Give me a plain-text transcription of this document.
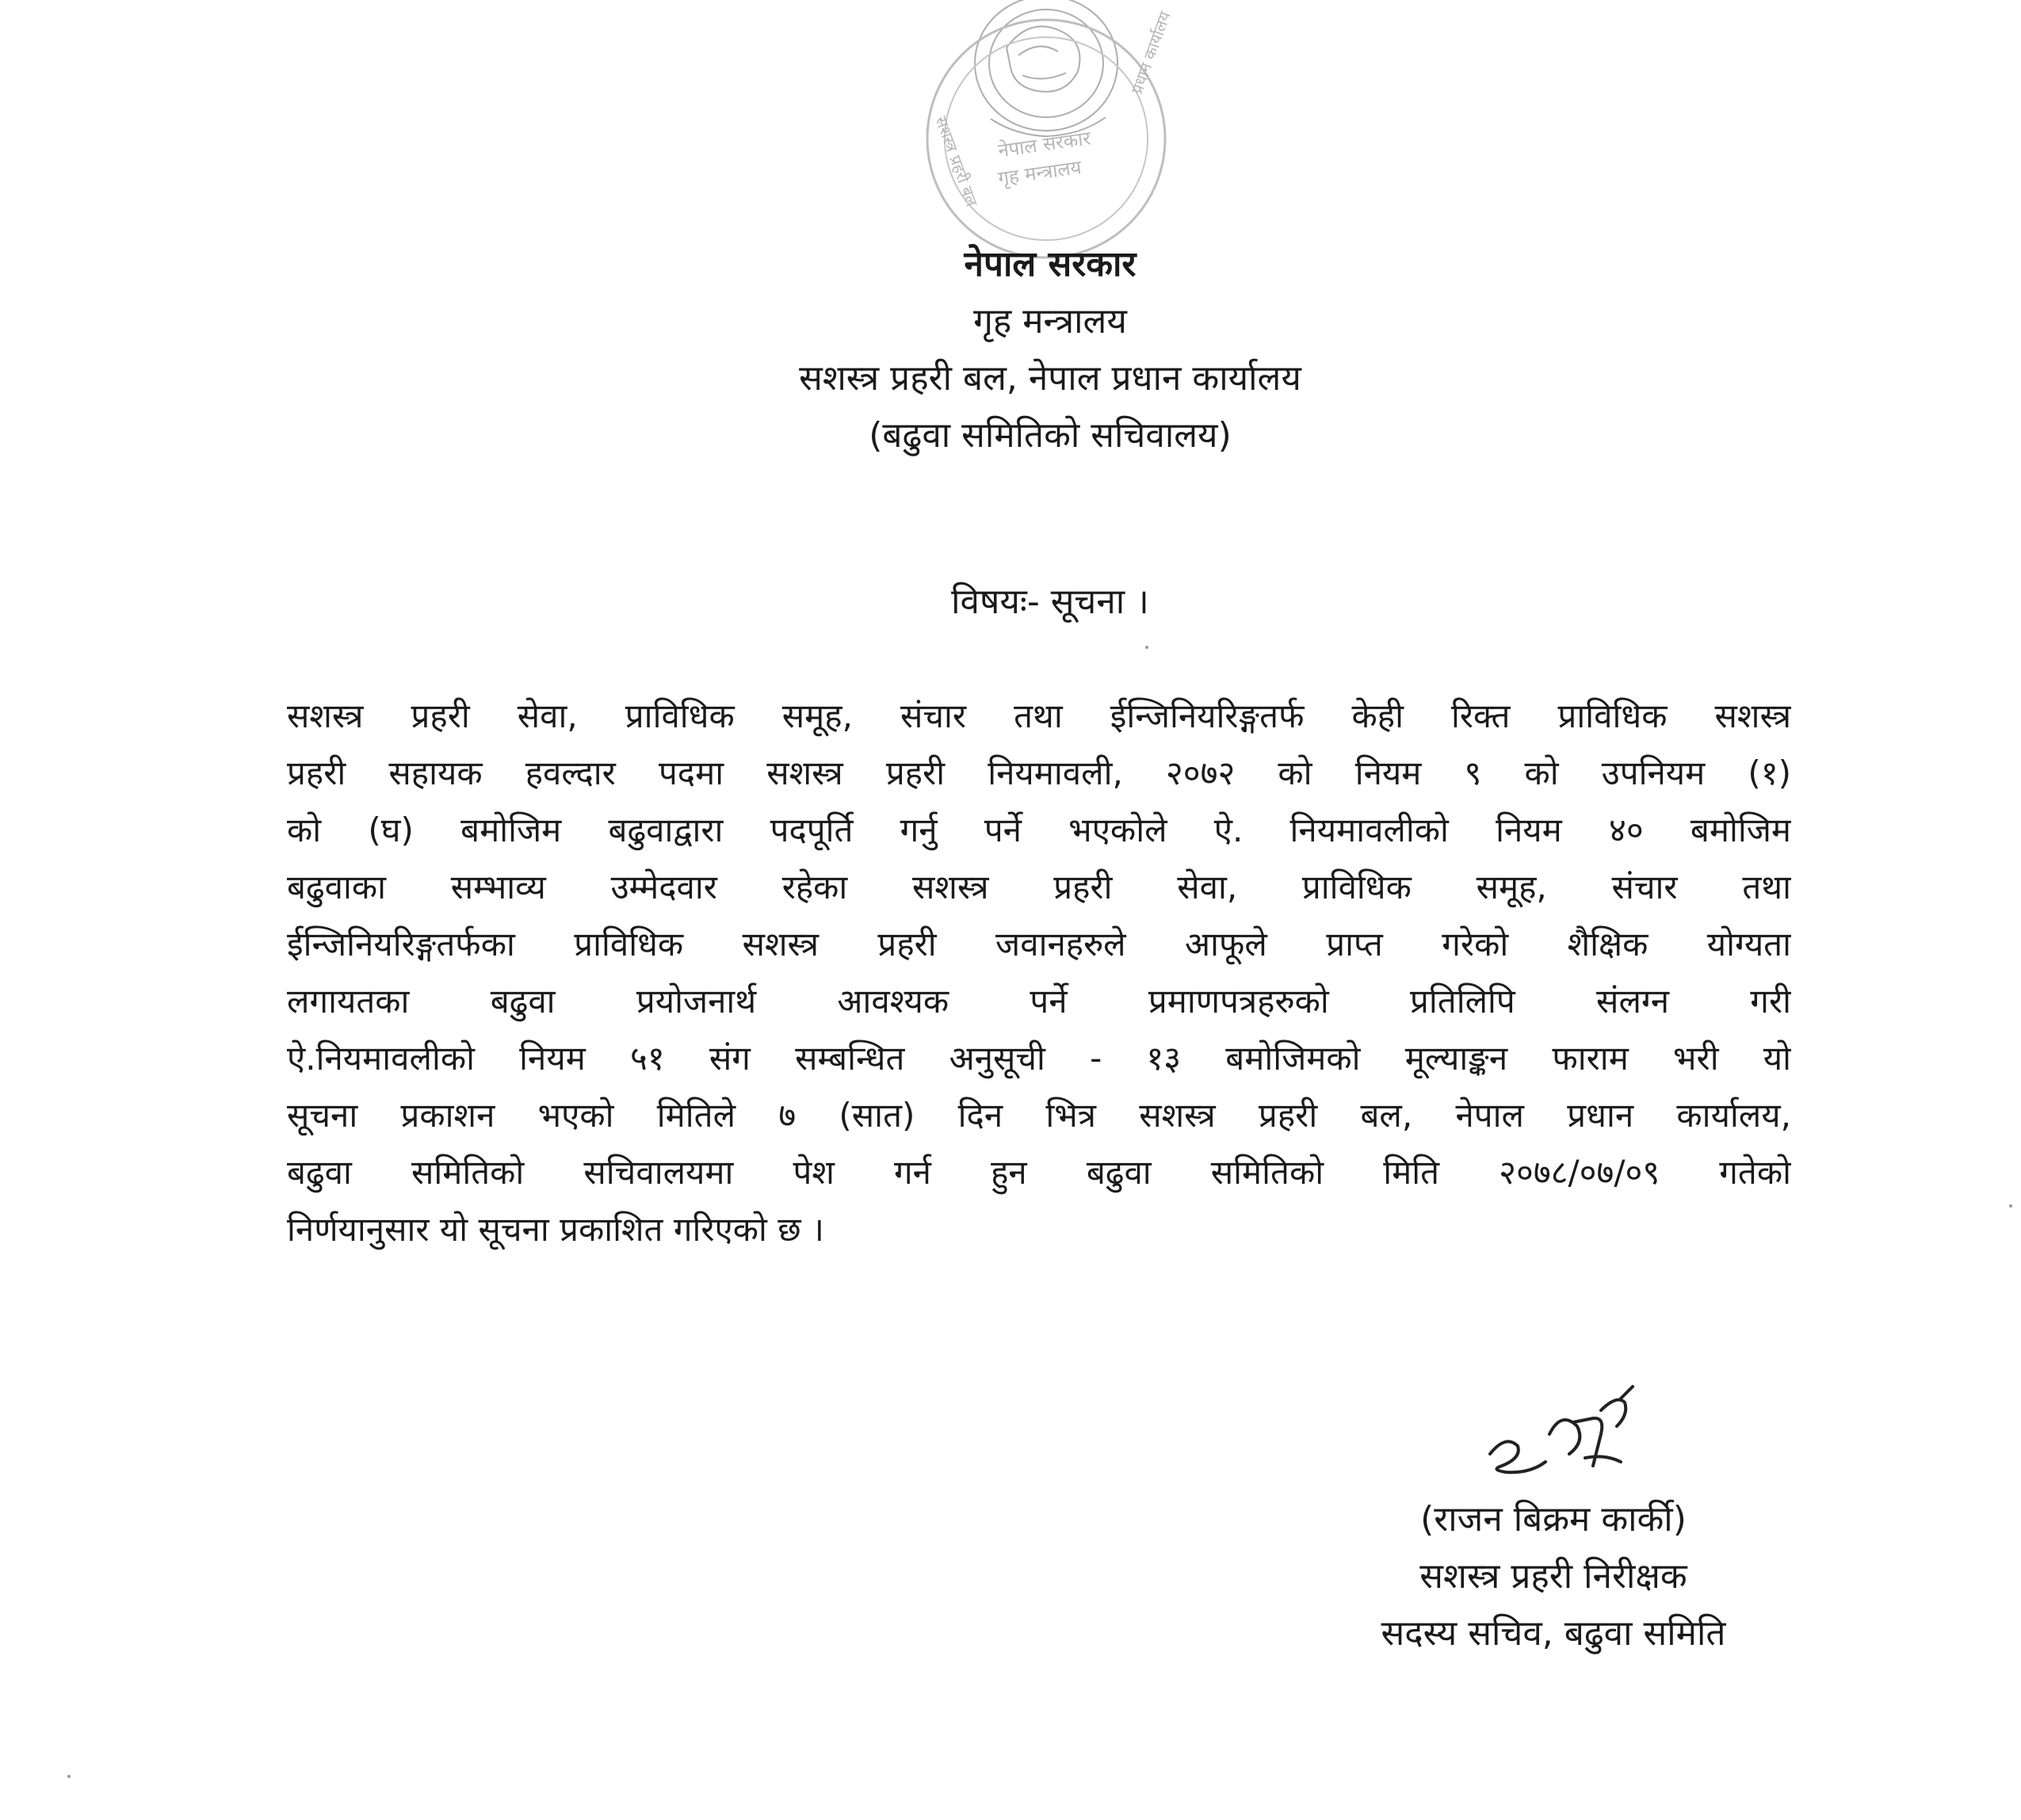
नेपाल सरकार
गृह मन्त्रालय
सशस्त्र प्रहरी बल
प्रधान कार्यालय
नेपाल सरकार
गृह मन्त्रालय
सशस्त्र प्रहरी बल, नेपाल प्रधान कार्यालय
(बढुवा समितिको सचिवालय)
विषयः- सूचना ।
सशस्त्र प्रहरी सेवा, प्राविधिक समूह, संचार तथा ईन्जिनियरिङ्गतर्फ केही रिक्त प्राविधिक सशस्त्र
प्रहरी सहायक हवल्दार पदमा सशस्त्र प्रहरी नियमावली, २०७२ को नियम ९ को उपनियम (१)
को (घ) बमोजिम बढुवाद्वारा पदपूर्ति गर्नु पर्ने भएकोले ऐ. नियमावलीको नियम ४० बमोजिम
बढुवाका सम्भाव्य उम्मेदवार रहेका सशस्त्र प्रहरी सेवा, प्राविधिक समूह, संचार तथा
ईन्जिनियरिङ्गतर्फका प्राविधिक सशस्त्र प्रहरी जवानहरुले आफूले प्राप्त गरेको शैक्षिक योग्यता
लगायतका बढुवा प्रयोजनार्थ आवश्यक पर्ने प्रमाणपत्रहरुको प्रतिलिपि संलग्न गरी
ऐ.नियमावलीको नियम ५१ संग सम्बन्धित अनुसूची - १३ बमोजिमको मूल्याङ्कन फाराम भरी यो
सूचना प्रकाशन भएको मितिले ७ (सात) दिन भित्र सशस्त्र प्रहरी बल, नेपाल प्रधान कार्यालय,
बढुवा समितिको सचिवालयमा पेश गर्न हुन बढुवा समितिको मिति २०७८/०७/०९ गतेको
निर्णयानुसार यो सूचना प्रकाशित गरिएको छ ।
(राजन बिक्रम कार्की)
सशस्त्र प्रहरी निरीक्षक
सदस्य सचिव, बढुवा समिति
